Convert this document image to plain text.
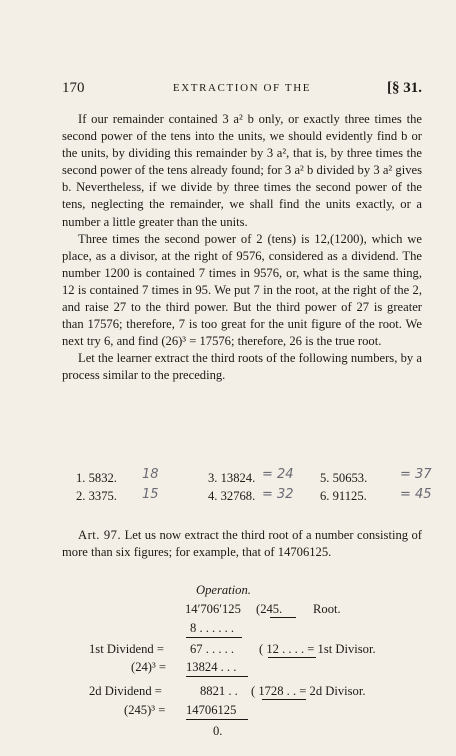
170	EXTRACTION OF THE	[§ 31.

If our remainder contained 3 a² b only, or exactly three times the second power of the tens into the units, we should evidently find b or the units, by dividing this remainder by 3 a², that is, by three times the second power of the tens already found; for 3 a² b divided by 3 a² gives b. Nevertheless, if we divide by three times the second power of the tens, neglecting the remainder, we shall find the units exactly, or a number a little greater than the units.

Three times the second power of 2 (tens) is 12,(1200), which we place, as a divisor, at the right of 9576, considered as a dividend. The number 1200 is contained 7 times in 9576, or, what is the same thing, 12 is contained 7 times in 95. We put 7 in the root, at the right of the 2, and raise 27 to the third power. But the third power of 27 is greater than 17576; therefore, 7 is too great for the unit figure of the root. We next try 6, and find (26)³ = 17576; therefore, 26 is the true root.

Let the learner extract the third roots of the following numbers, by a process similar to the preceding.

1. 5832.	3. 13824.	5. 50653.
2. 3375.	4. 32768.	6. 91125.
18	= 24	= 37
15	= 32	= 45

Art. 97. Let us now extract the third root of a number consisting of more than six figures; for example, that of 14706125.

Operation.
14′706′125 (245. Root.
8 . . . . . .
1st Dividend = 67 . . . . . ( 12 . . . . = 1st Divisor.
(24)³ = 13824 . . .
2d Dividend =	8821 . . ( 1728 . . = 2d Divisor.
(245)³ = 14706125
0.
